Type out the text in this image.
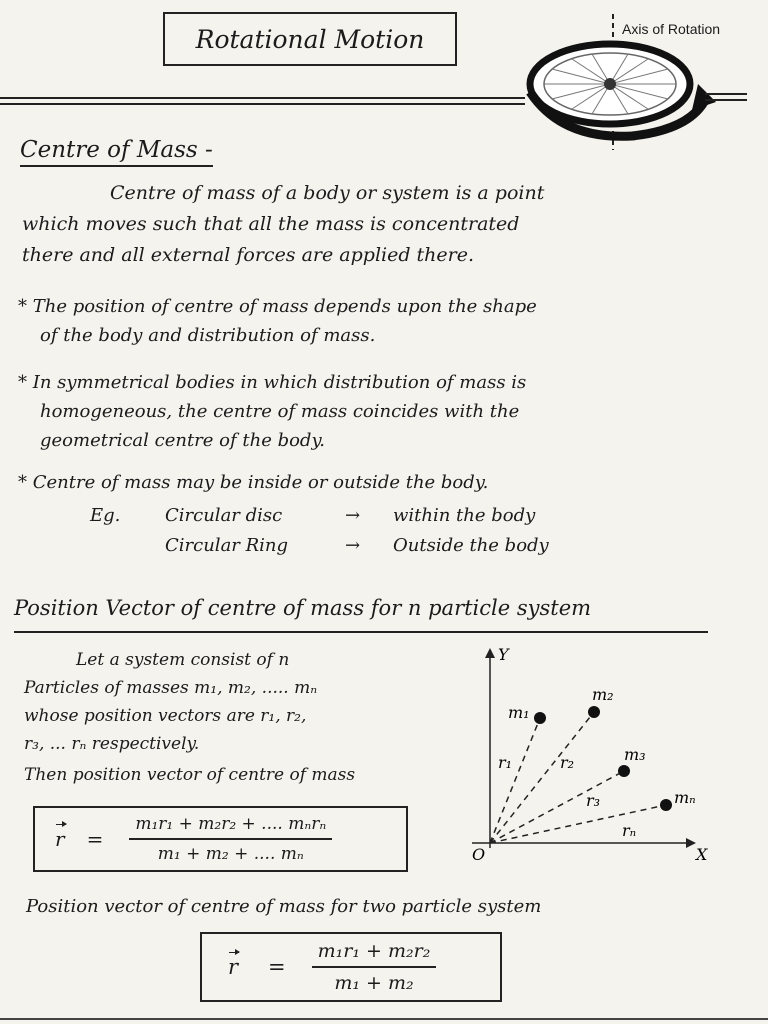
Rotational Motion	Axis of Rotation
Centre of Mass -
Centre of mass of a body or system is a point
which moves such that all the mass is concentrated
there and all external forces are applied there.
* The position of centre of mass depends upon the shape
of the body and distribution of mass.
* In symmetrical bodies in which distribution of mass is
homogeneous, the centre of mass coincides with the
geometrical centre of the body.
* Centre of mass may be inside or outside the body.
Eg. Circular disc	→	within the body
Circular Ring	→	Outside the body
Position Vector of centre of mass for n particle system
Let a system consist of n
Particles of masses m₁, m₂, ..... mₙ
whose position vectors are r₁, r₂,
r₃, ... rₙ respectively.
Then position vector of centre of mass
$r = \frac{\text{m₁r₁ + m₂r₂ + .... mₙrₙ}}{\text{m₁ + m₂ + .... mₙ}}$
Y
X
O
m₁
m₂
m₃
mₙ
r₁	r₂
r₃
rₙ
Position vector of centre of mass for two particle system
$r = \frac{\text{m₁r₁ + m₂r₂}}{\text{m₁ + m₂}}$
